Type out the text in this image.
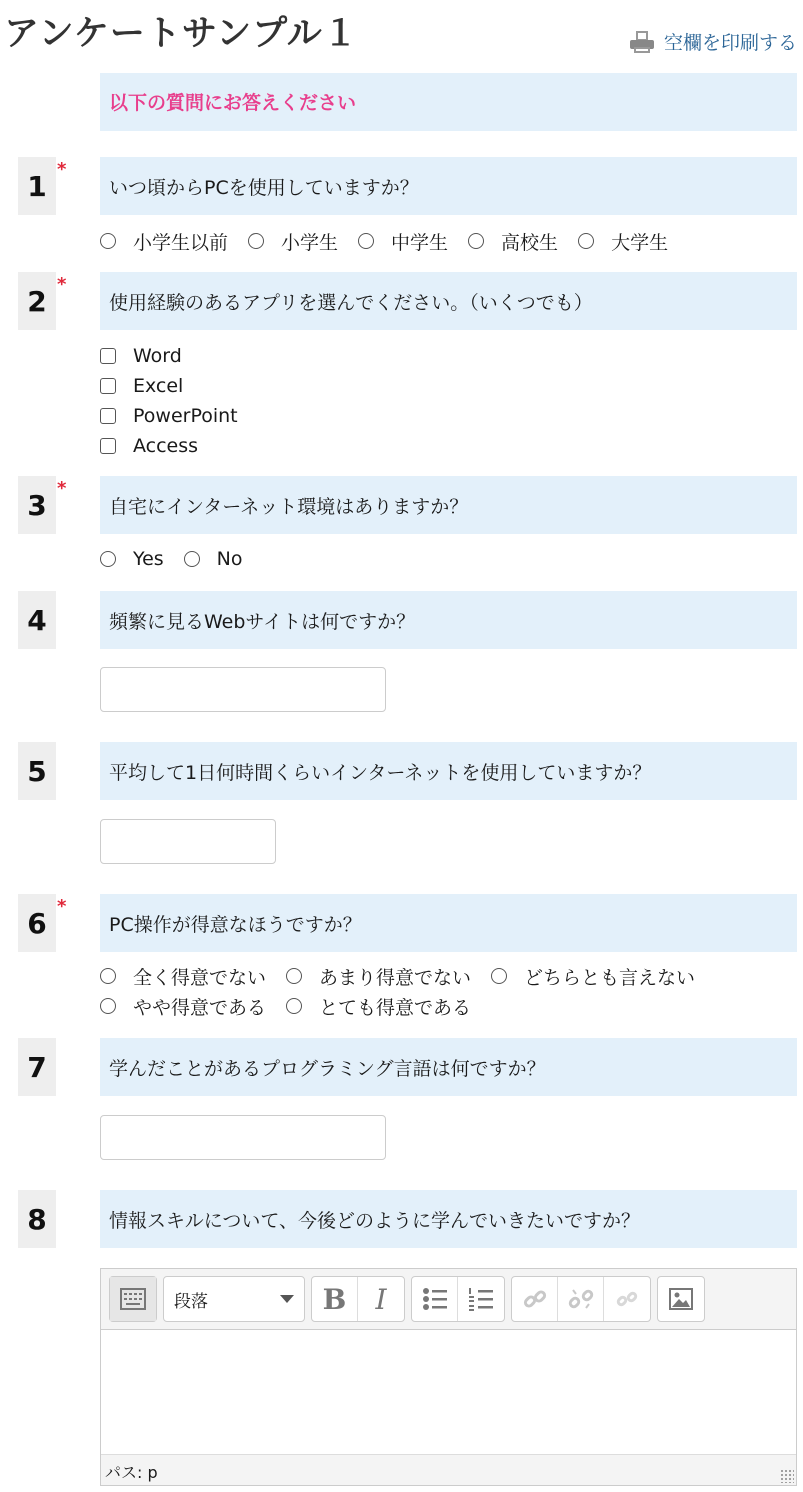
アンケートサンプル１	空欄を印刷する
以下の質問にお答えください
1 *
いつ頃からPCを使用していますか？
小学生以前	小学生	中学生	高校生	大学生
2 *
使用経験のあるアプリを選んでください。（いくつでも）
Word
Excel
PowerPoint
Access
3 *
自宅にインターネット環境はありますか？
Yes	No
4	頻繁に見るWebサイトは何ですか？
5	平均して1日何時間くらいインターネットを使用していますか？
6 *
PC操作が得意なほうですか？
全く得意でない	あまり得意でない	どちらとも言えない
やや得意である	とても得意である
7	学んだことがあるプログラミング言語は何ですか？
8	情報スキルについて、今後どのように学んでいきたいですか？
段落	B I
パス: p
